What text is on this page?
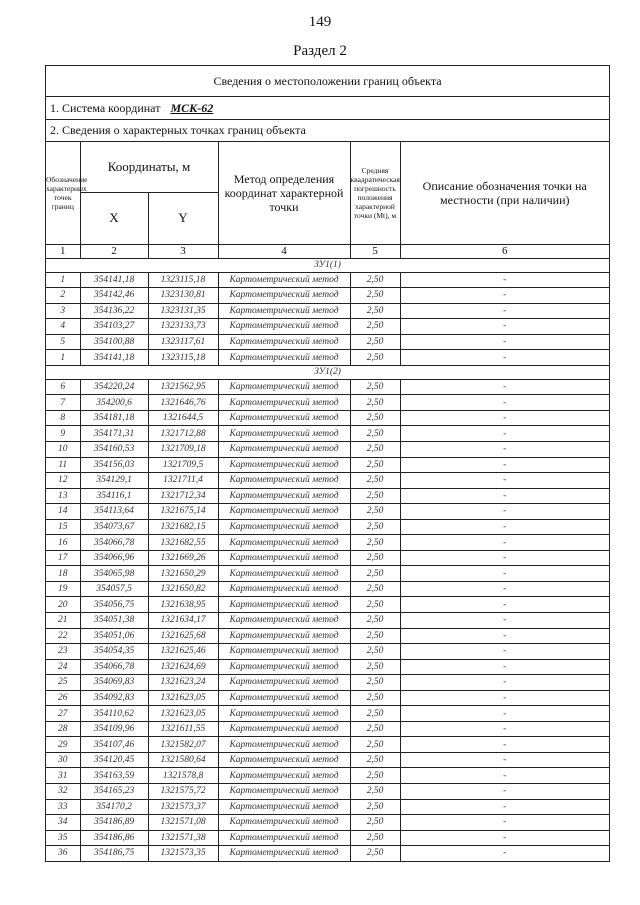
149
Раздел 2
Сведения о местоположении границ объекта
1. Система координат МСК-62
2. Сведения о характерных точках границ объекта
Обозначение характерных точек границ	Координаты, м		Метод определения координат характерной точки	Средняя квадратическая погрешность положения характерной точки (Mt), м	Описание обозначения точки на местности (при наличии)
	X	Y			
1	2	3	4	5	6
ЗУ1(1)					
1	354141,18	1323115,18	Картометрический метод	2,50	-
2	354142,46	1323130,81	Картометрический метод	2,50	-
3	354136,22	1323131,35	Картометрический метод	2,50	-
4	354103,27	1323133,73	Картометрический метод	2,50	-
5	354100,88	1323117,61	Картометрический метод	2,50	-
1	354141,18	1323115,18	Картометрический метод	2,50	-
ЗУ1(2)					
6	354220,24	1321562,95	Картометрический метод	2,50	-
7	354200,6	1321646,76	Картометрический метод	2,50	-
8	354181,18	1321644,5	Картометрический метод	2,50	-
9	354171,31	1321712,88	Картометрический метод	2,50	-
10	354160,53	1321709,18	Картометрический метод	2,50	-
11	354156,03	1321709,5	Картометрический метод	2,50	-
12	354129,1	1321711,4	Картометрический метод	2,50	-
13	354116,1	1321712,34	Картометрический метод	2,50	-
14	354113,64	1321675,14	Картометрический метод	2,50	-
15	354073,67	1321682,15	Картометрический метод	2,50	-
16	354066,78	1321682,55	Картометрический метод	2,50	-
17	354066,96	1321669,26	Картометрический метод	2,50	-
18	354065,98	1321650,29	Картометрический метод	2,50	-
19	354057,5	1321650,82	Картометрический метод	2,50	-
20	354056,75	1321638,95	Картометрический метод	2,50	-
21	354051,38	1321634,17	Картометрический метод	2,50	-
22	354051,06	1321625,68	Картометрический метод	2,50	-
23	354054,35	1321625,46	Картометрический метод	2,50	-
24	354066,78	1321624,69	Картометрический метод	2,50	-
25	354069,83	1321623,24	Картометрический метод	2,50	-
26	354092,83	1321623,05	Картометрический метод	2,50	-
27	354110,62	1321623,05	Картометрический метод	2,50	-
28	354109,96	1321611,55	Картометрический метод	2,50	-
29	354107,46	1321582,07	Картометрический метод	2,50	-
30	354120,45	1321580,64	Картометрический метод	2,50	-
31	354163,59	1321578,8	Картометрический метод	2,50	-
32	354165,23	1321575,72	Картометрический метод	2,50	-
33	354170,2	1321573,37	Картометрический метод	2,50	-
34	354186,89	1321571,08	Картометрический метод	2,50	-
35	354186,86	1321571,38	Картометрический метод	2,50	-
36	354186,75	1321573,35	Картометрический метод	2,50	-
